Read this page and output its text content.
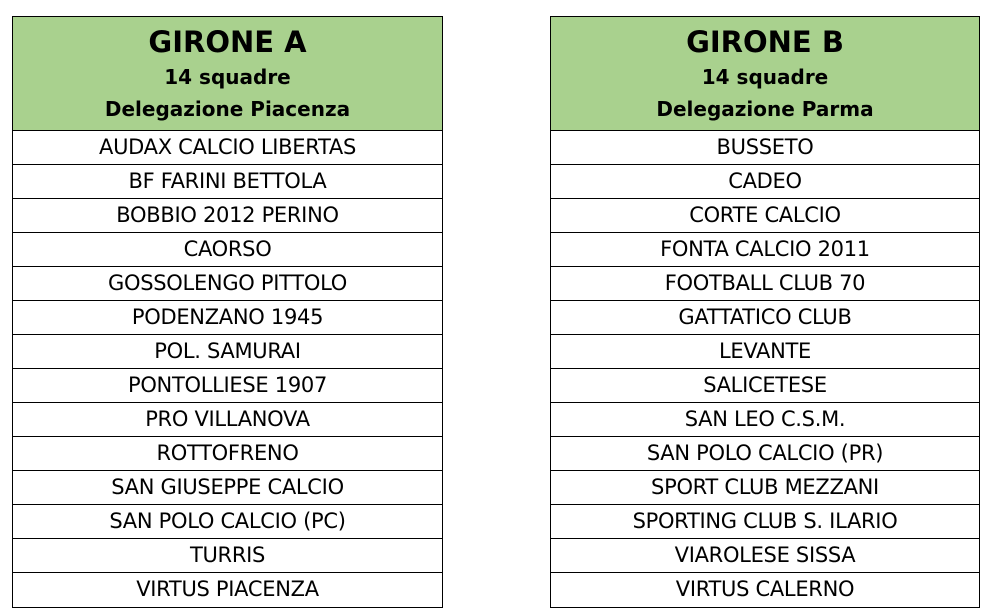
GIRONE A
14 squadre
Delegazione Piacenza
AUDAX CALCIO LIBERTAS
BF FARINI BETTOLA
BOBBIO 2012 PERINO
CAORSO
GOSSOLENGO PITTOLO
PODENZANO 1945
POL. SAMURAI
PONTOLLIESE 1907
PRO VILLANOVA
ROTTOFRENO
SAN GIUSEPPE CALCIO
SAN POLO CALCIO (PC)
TURRIS
VIRTUS PIACENZA
GIRONE B
14 squadre
Delegazione Parma
BUSSETO
CADEO
CORTE CALCIO
FONTA CALCIO 2011
FOOTBALL CLUB 70
GATTATICO CLUB
LEVANTE
SALICETESE
SAN LEO C.S.M.
SAN POLO CALCIO (PR)
SPORT CLUB MEZZANI
SPORTING CLUB S. ILARIO
VIAROLESE SISSA
VIRTUS CALERNO
